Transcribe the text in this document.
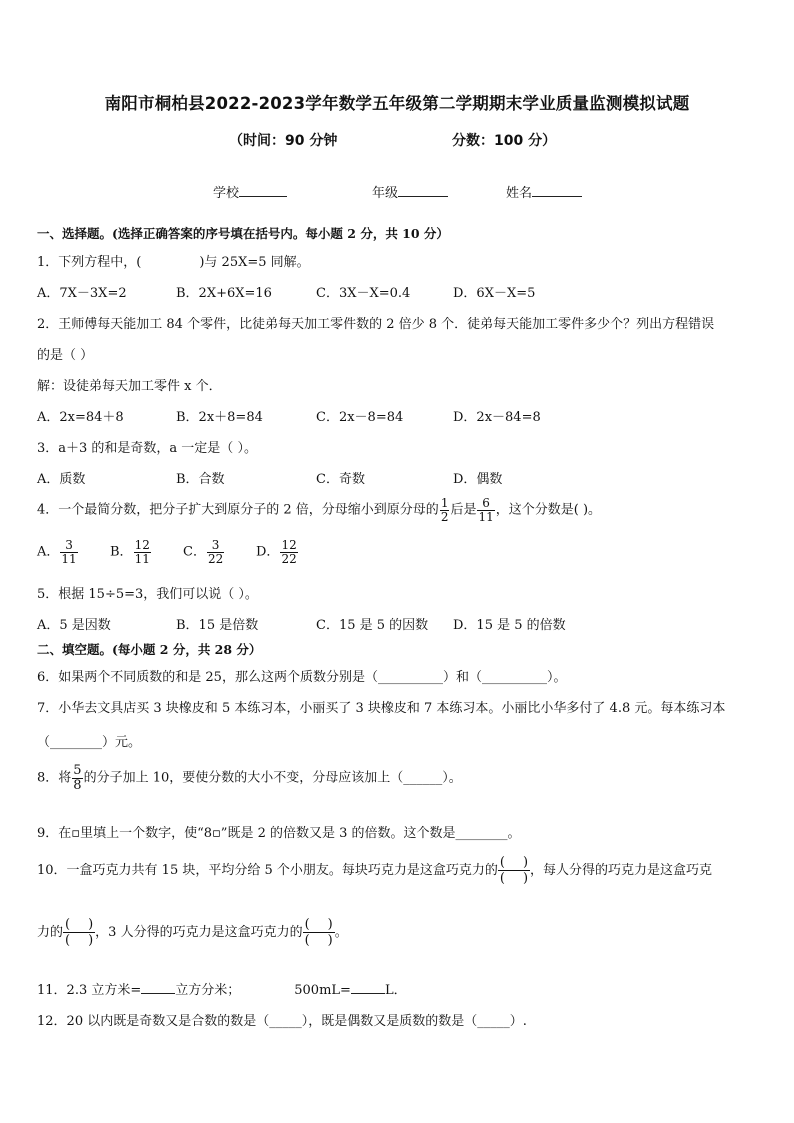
南阳市桐柏县2022-2023学年数学五年级第二学期期末学业质量监测模拟试题
（时间：90 分钟	分数：100 分）
学校	年级	姓名
一、选择题。(选择正确答案的序号填在括号内。每小题 2 分，共 10 分）
1．下列方程中，(	)与 25X=5 同解。
A．7X－3X=2	B．2X+6X=16	C．3X－X=0.4	D．6X－X=5
2．王师傅每天能加工 84 个零件，比徒弟每天加工零件数的 2 倍少 8 个．徒弟每天能加工零件多少个？列出方程错误
的是（ ）
解：设徒弟每天加工零件 x 个．
A．2x=84＋8	B．2x＋8=84	C．2x－8=84	D．2x－84=8
3．a＋3 的和是奇数，a 一定是（ ）。
A．质数	B．合数	C．奇数	D．偶数
4．一个最简分数，把分子扩大到原分子的 2 倍，分母缩小到原分母的 $\frac{1}{2}$ 后是 $\frac{6}{11}$ ，这个分数是( )。
A． $\frac{3}{11}$ B． $\frac{12}{11}$ C． $\frac{3}{22}$ D． $\frac{12}{22}$
5．根据 15÷5=3，我们可以说（ ）。
A．5 是因数	B．15 是倍数	C．15 是 5 的因数 D．15 是 5 的倍数
二、填空题。(每小题 2 分，共 28 分）
6．如果两个不同质数的和是 25，那么这两个质数分别是（__________）和（__________）。
7．小华去文具店买 3 块橡皮和 5 本练习本，小丽买了 3 块橡皮和 7 本练习本。小丽比小华多付了 4.8 元。每本练习本
（________）元。
8．将 $\frac{5}{8}$ 的分子加上 10，要使分数的大小不变，分母应该加上（______）。
9．在▫里填上一个数字，使“8▫”既是 2 的倍数又是 3 的倍数。这个数是________。
10．一盒巧克力共有 15 块，平均分给 5 个小朋友。每块巧克力是这盒巧克力的 $\frac{( )}{( )}$ ，每人分得的巧克力是这盒巧克
力的 $\frac{( )}{( )}$ ，3 人分得的巧克力是这盒巧克力的 $\frac{( )}{( )}$ 。
11．2.3 立方米=	立方分米；	500mL=	L．
12．20 以内既是奇数又是合数的数是（_____），既是偶数又是质数的数是（_____）.
